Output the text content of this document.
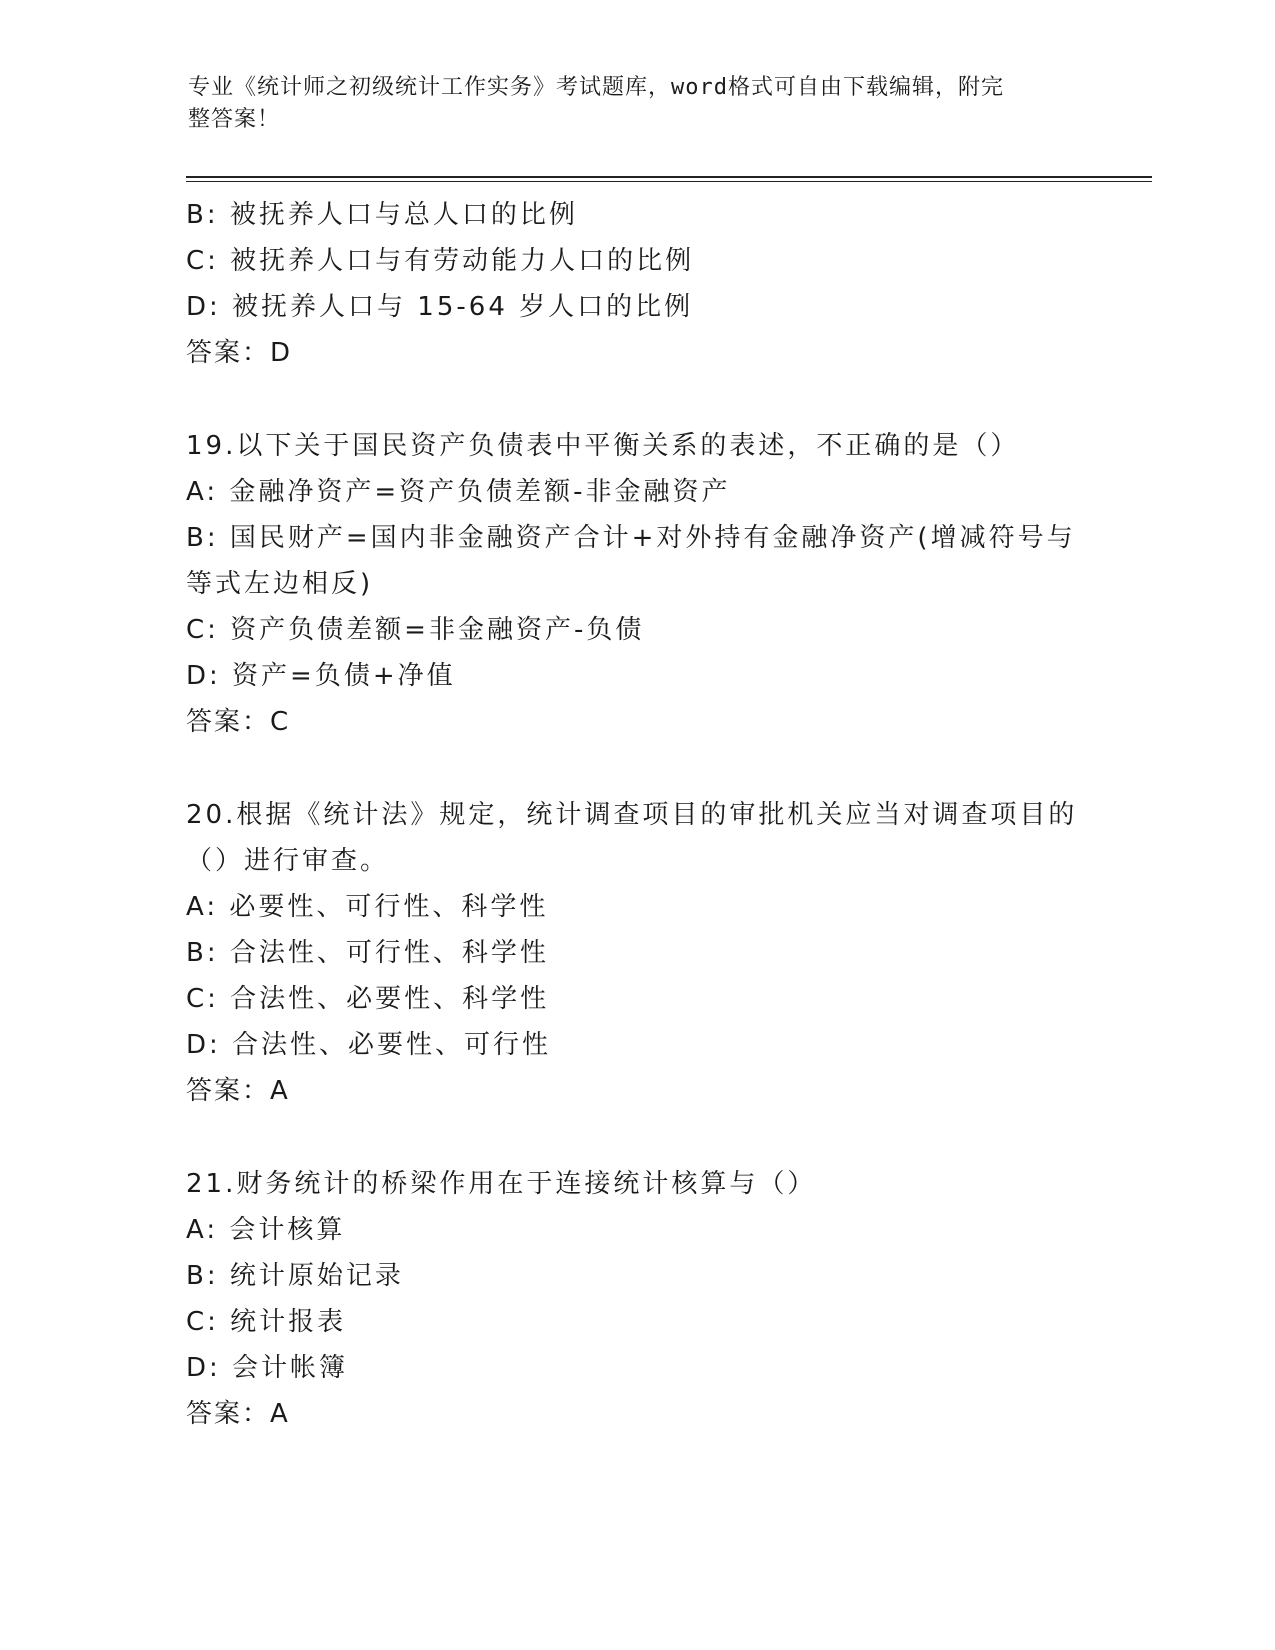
专业《统计师之初级统计工作实务》考试题库，word格式可自由下载编辑，附完
整答案！
B: 被抚养人口与总人口的比例
C: 被抚养人口与有劳动能力人口的比例
D: 被抚养人口与 15-64 岁人口的比例
答案：D
19.以下关于国民资产负债表中平衡关系的表述，不正确的是（）
A: 金融净资产=资产负债差额-非金融资产
B: 国民财产=国内非金融资产合计+对外持有金融净资产(增减符号与
等式左边相反)
C: 资产负债差额=非金融资产-负债
D: 资产=负债+净值
答案：C
20.根据《统计法》规定，统计调查项目的审批机关应当对调查项目的
（）进行审查。
A: 必要性、可行性、科学性
B: 合法性、可行性、科学性
C: 合法性、必要性、科学性
D: 合法性、必要性、可行性
答案：A
21.财务统计的桥梁作用在于连接统计核算与（）
A: 会计核算
B: 统计原始记录
C: 统计报表
D: 会计帐簿
答案：A
